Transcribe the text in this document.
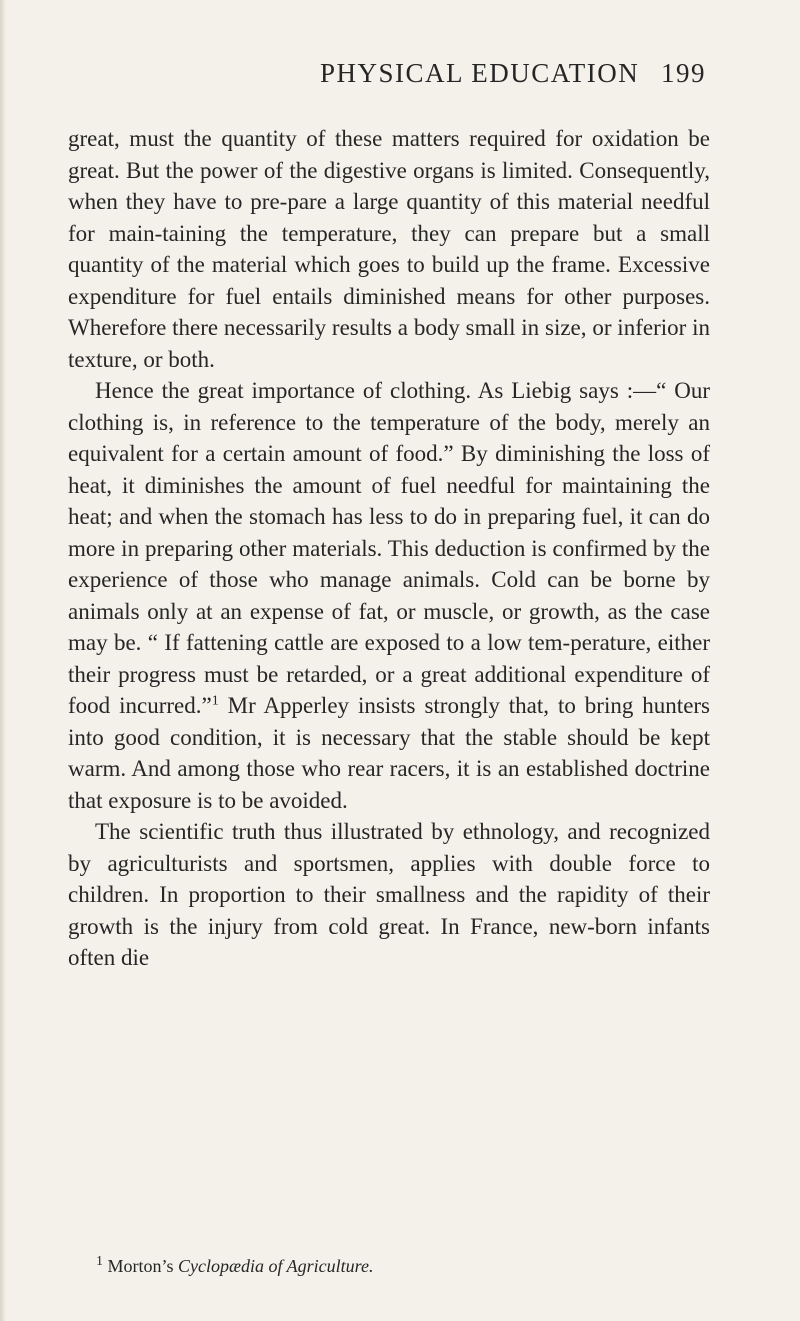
PHYSICAL EDUCATION 199

great, must the quantity of these matters required for oxidation be great. But the power of the digestive organs is limited. Consequently, when they have to pre-pare a large quantity of this material needful for main-taining the temperature, they can prepare but a small quantity of the material which goes to build up the frame. Excessive expenditure for fuel entails diminished means for other purposes. Wherefore there necessarily results a body small in size, or inferior in texture, or both.

Hence the great importance of clothing. As Liebig says :—“ Our clothing is, in reference to the temperature of the body, merely an equivalent for a certain amount of food.” By diminishing the loss of heat, it diminishes the amount of fuel needful for maintaining the heat; and when the stomach has less to do in preparing fuel, it can do more in preparing other materials. This deduction is confirmed by the experience of those who manage animals. Cold can be borne by animals only at an expense of fat, or muscle, or growth, as the case may be. “ If fattening cattle are exposed to a low tem-perature, either their progress must be retarded, or a great additional expenditure of food incurred.”$^1$ Mr Apperley insists strongly that, to bring hunters into good condition, it is necessary that the stable should be kept warm. And among those who rear racers, it is an established doctrine that exposure is to be avoided.

The scientific truth thus illustrated by ethnology, and recognized by agriculturists and sportsmen, applies with double force to children. In proportion to their smallness and the rapidity of their growth is the injury from cold great. In France, new-born infants often die

$^1$ Morton’s Cyclopædia of Agriculture.
